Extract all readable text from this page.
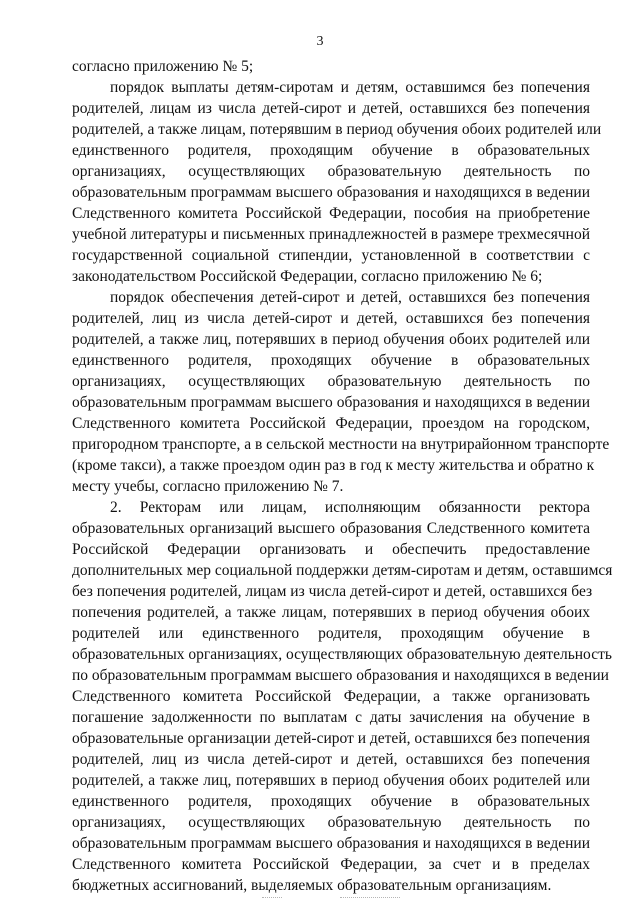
3
согласно приложению № 5;
порядок выплаты детям-сиротам и детям, оставшимся без попечения
родителей, лицам из числа детей-сирот и детей, оставшихся без попечения
родителей, а также лицам, потерявшим в период обучения обоих родителей или
единственного родителя, проходящим обучение в образовательных
организациях, осуществляющих образовательную деятельность по
образовательным программам высшего образования и находящихся в ведении
Следственного комитета Российской Федерации, пособия на приобретение
учебной литературы и письменных принадлежностей в размере трехмесячной
государственной социальной стипендии, установленной в соответствии с
законодательством Российской Федерации, согласно приложению № 6;
порядок обеспечения детей-сирот и детей, оставшихся без попечения
родителей, лиц из числа детей-сирот и детей, оставшихся без попечения
родителей, а также лиц, потерявших в период обучения обоих родителей или
единственного родителя, проходящих обучение в образовательных
организациях, осуществляющих образовательную деятельность по
образовательным программам высшего образования и находящихся в ведении
Следственного комитета Российской Федерации, проездом на городском,
пригородном транспорте, а в сельской местности на внутрирайонном транспорте
(кроме такси), а также проездом один раз в год к месту жительства и обратно к
месту учебы, согласно приложению № 7.
2. Ректорам или лицам, исполняющим обязанности ректора
образовательных организаций высшего образования Следственного комитета
Российской Федерации организовать и обеспечить предоставление
дополнительных мер социальной поддержки детям-сиротам и детям, оставшимся
без попечения родителей, лицам из числа детей-сирот и детей, оставшихся без
попечения родителей, а также лицам, потерявших в период обучения обоих
родителей или единственного родителя, проходящим обучение в
образовательных организациях, осуществляющих образовательную деятельность
по образовательным программам высшего образования и находящихся в ведении
Следственного комитета Российской Федерации, а также организовать
погашение задолженности по выплатам с даты зачисления на обучение в
образовательные организации детей-сирот и детей, оставшихся без попечения
родителей, лиц из числа детей-сирот и детей, оставшихся без попечения
родителей, а также лиц, потерявших в период обучения обоих родителей или
единственного родителя, проходящих обучение в образовательных
организациях, осуществляющих образовательную деятельность по
образовательным программам высшего образования и находящихся в ведении
Следственного комитета Российской Федерации, за счет и в пределах
бюджетных ассигнований, выделяемых образовательным организациям.
